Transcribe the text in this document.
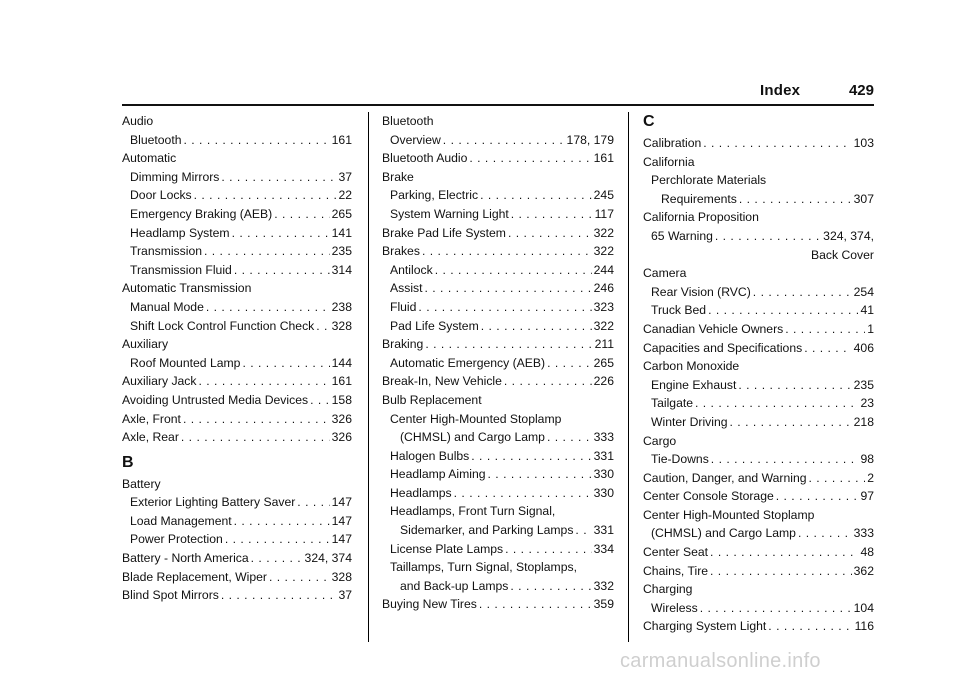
Index	429
Audio
Bluetooth . . .	161
Automatic
Dimming Mirrors . . .	37
Door Locks . . .	22
Emergency Braking (AEB) . . .	265
Headlamp System . . .	141
Transmission . . .	235
Transmission Fluid . . .	314
Automatic Transmission
Manual Mode . . .	238
Shift Lock Control Function Check . . . 328
Auxiliary
Roof Mounted Lamp . . .	144
Auxiliary Jack . . .	161
Avoiding Untrusted Media Devices . . . 158
Axle, Front . . .	326
Axle, Rear . . .	326
B
Battery
Exterior Lighting Battery Saver . . .	147
Load Management . . .	147
Power Protection . . .	147
Battery - North America . . .	324, 374
Blade Replacement, Wiper . . .	328
Blind Spot Mirrors . . .	37
Bluetooth
Overview . . .	178, 179
Bluetooth Audio . . .	161
Brake
Parking, Electric . . .	245
System Warning Light . . .	117
Brake Pad Life System . . .	322
Brakes . . .	322
Antilock . . .	244
Assist . . .	246
Fluid . . .	323
Pad Life System . . .	322
Braking . . .	211
Automatic Emergency (AEB) . . .	265
Break-In, New Vehicle . . .	226
Bulb Replacement
Center High-Mounted Stoplamp
(CHMSL) and Cargo Lamp . . .	333
Halogen Bulbs . . .	331
Headlamp Aiming . . .	330
Headlamps . . .	330
Headlamps, Front Turn Signal,
Sidemarker, and Parking Lamps . . . 331
License Plate Lamps . . .	334
Taillamps, Turn Signal, Stoplamps,
and Back-up Lamps . . .	332
Buying New Tires . . .	359
C
Calibration . . .	103
California
Perchlorate Materials
Requirements . . .	307
California Proposition
65 Warning . . .	324, 374,
Back Cover
Camera
Rear Vision (RVC) . . .	254
Truck Bed . . .	41
Canadian Vehicle Owners . . .	1
Capacities and Specifications . . .	406
Carbon Monoxide
Engine Exhaust . . .	235
Tailgate . . .	23
Winter Driving . . .	218
Cargo
Tie-Downs . . .	98
Caution, Danger, and Warning . . .	2
Center Console Storage . . .	97
Center High-Mounted Stoplamp
(CHMSL) and Cargo Lamp . . .	333
Center Seat . . .	48
Chains, Tire . . .	362
Charging
Wireless . . .	104
Charging System Light . . .	116
carmanualsonline.info
